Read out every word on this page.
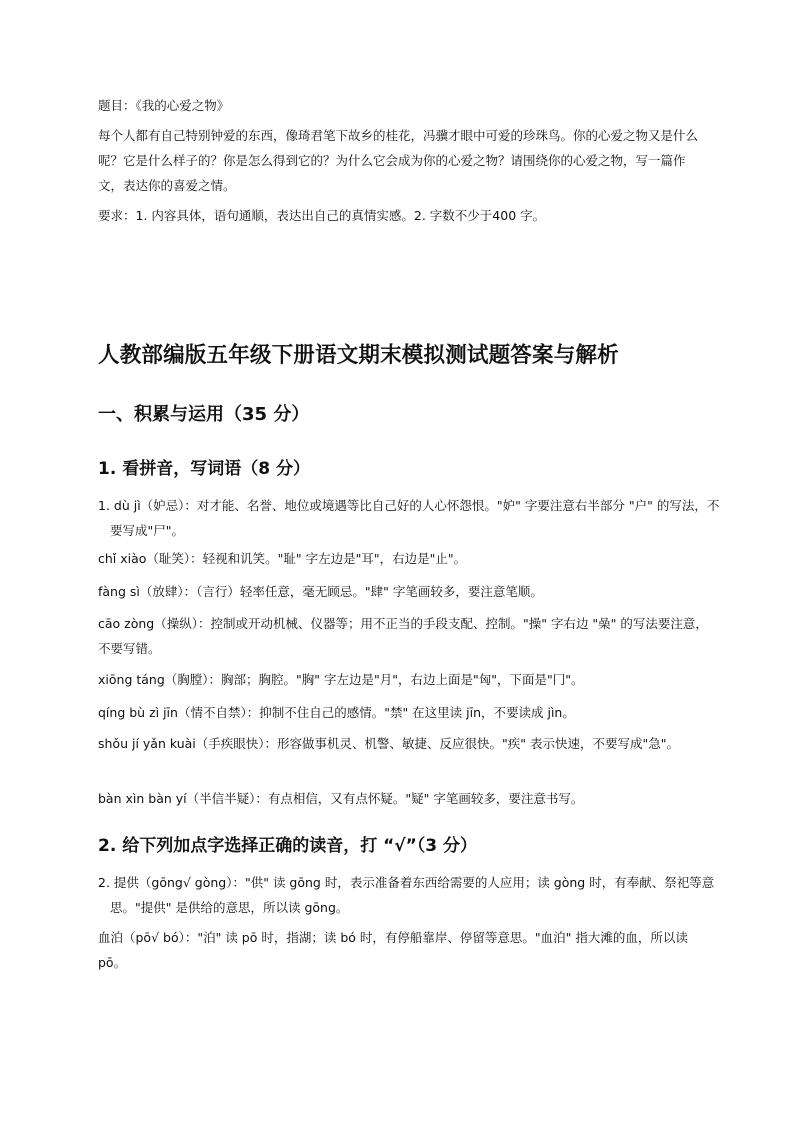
题目：《我的心爱之物》

每个人都有自己特别钟爱的东西，像琦君笔下故乡的桂花，冯骥才眼中可爱的珍珠鸟。你的心爱之物又是什么呢？它是什么样子的？你是怎么得到它的？为什么它会成为你的心爱之物？请围绕你的心爱之物，写一篇作文，表达你的喜爱之情。

要求：1. 内容具体，语句通顺，表达出自己的真情实感。2. 字数不少于400 字。

人教部编版五年级下册语文期末模拟测试题答案与解析
一、积累与运用（35 分）
1. 看拼音，写词语（8 分）

1. dù jì（妒忌）：对才能、名誉、地位或境遇等比自己好的人心怀怨恨。"妒" 字要注意右半部分 "户" 的写法，不要写成"尸"。

chǐ xiào（耻笑）：轻视和讥笑。"耻" 字左边是"耳"，右边是"止"。

fàng sì（放肆）：（言行）轻率任意，毫无顾忌。"肆" 字笔画较多，要注意笔顺。

cāo zòng（操纵）：控制或开动机械、仪器等；用不正当的手段支配、控制。"操" 字右边 "喿" 的写法要注意，不要写错。

xiōng táng（胸膛）：胸部；胸腔。"胸" 字左边是"月"，右边上面是"匈"，下面是"冂"。

qíng bù zì jīn（情不自禁）：抑制不住自己的感情。"禁" 在这里读 jīn，不要读成 jìn。

shǒu jí yǎn kuài（手疾眼快）：形容做事机灵、机警、敏捷、反应很快。"疾" 表示快速，不要写成"急"。

bàn xìn bàn yí（半信半疑）：有点相信，又有点怀疑。"疑" 字笔画较多，要注意书写。

2. 给下列加点字选择正确的读音，打 “√”（3 分）

2. 提供（gōng√ gòng）："供" 读 gōng 时，表示准备着东西给需要的人应用；读 gòng 时，有奉献、祭祀等意思。"提供" 是供给的意思，所以读 gōng。

血泊（pō√ bó）："泊" 读 pō 时，指湖；读 bó 时，有停船靠岸、停留等意思。"血泊" 指大滩的血，所以读 pō。
